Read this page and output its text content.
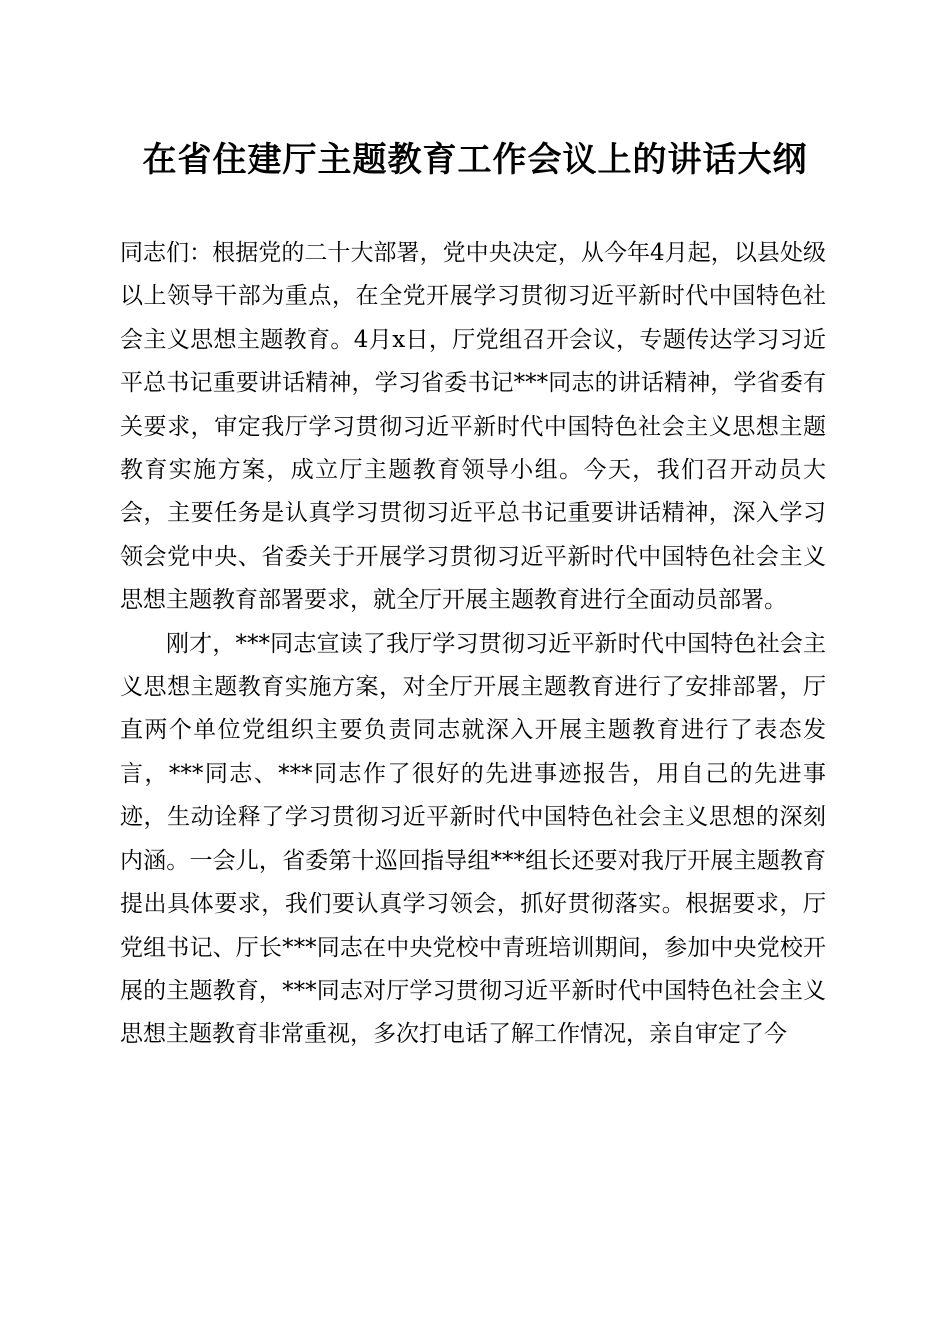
在省住建厅主题教育工作会议上的讲话大纲

同志们：根据党的二十大部署，党中央决定，从今年4月起，以县处级以上领导干部为重点，在全党开展学习贯彻习近平新时代中国特色社会主义思想主题教育。4月x日，厅党组召开会议，专题传达学习习近平总书记重要讲话精神，学习省委书记***同志的讲话精神，学省委有关要求，审定我厅学习贯彻习近平新时代中国特色社会主义思想主题教育实施方案，成立厅主题教育领导小组。今天，我们召开动员大会，主要任务是认真学习贯彻习近平总书记重要讲话精神，深入学习领会党中央、省委关于开展学习贯彻习近平新时代中国特色社会主义思想主题教育部署要求，就全厅开展主题教育进行全面动员部署。

刚才，***同志宣读了我厅学习贯彻习近平新时代中国特色社会主义思想主题教育实施方案，对全厅开展主题教育进行了安排部署，厅直两个单位党组织主要负责同志就深入开展主题教育进行了表态发言，***同志、***同志作了很好的先进事迹报告，用自己的先进事迹，生动诠释了学习贯彻习近平新时代中国特色社会主义思想的深刻内涵。一会儿，省委第十巡回指导组***组长还要对我厅开展主题教育提出具体要求，我们要认真学习领会，抓好贯彻落实。根据要求，厅党组书记、厅长***同志在中央党校中青班培训期间，参加中央党校开展的主题教育，***同志对厅学习贯彻习近平新时代中国特色社会主义思想主题教育非常重视，多次打电话了解工作情况，亲自审定了今
